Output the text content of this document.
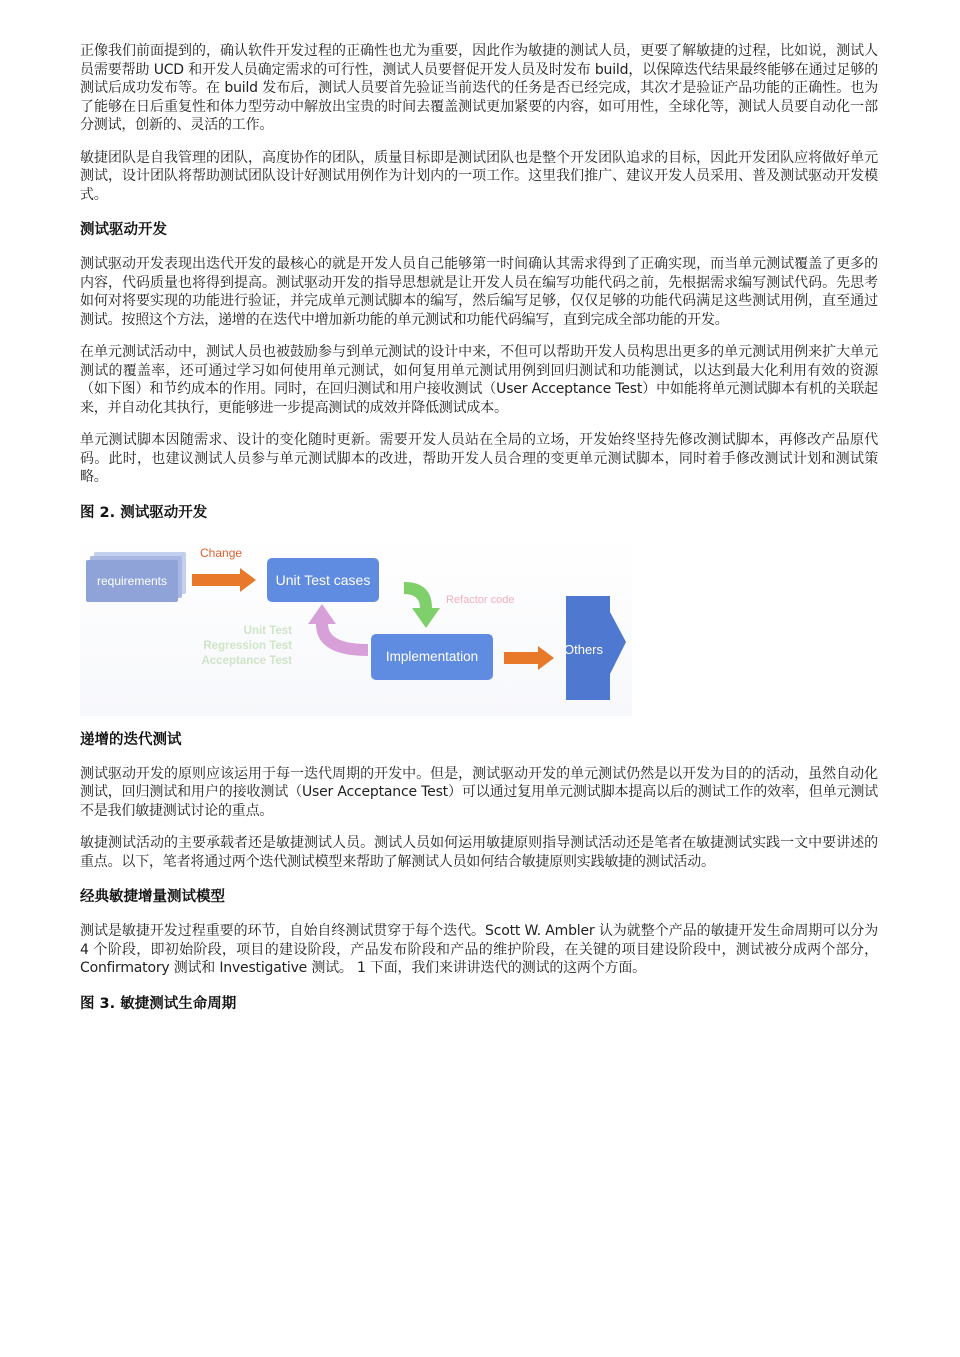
正像我们前面提到的，确认软件开发过程的正确性也尤为重要，因此作为敏捷的测试人员，更要了解敏捷的过程，比如说，测试人员需要帮助 UCD 和开发人员确定需求的可行性，测试人员要督促开发人员及时发布 build，以保障迭代结果最终能够在通过足够的测试后成功发布等。在 build 发布后，测试人员要首先验证当前迭代的任务是否已经完成，其次才是验证产品功能的正确性。也为了能够在日后重复性和体力型劳动中解放出宝贵的时间去覆盖测试更加紧要的内容，如可用性，全球化等，测试人员要自动化一部分测试，创新的、灵活的工作。

敏捷团队是自我管理的团队，高度协作的团队，质量目标即是测试团队也是整个开发团队追求的目标，因此开发团队应将做好单元测试，设计团队将帮助测试团队设计好测试用例作为计划内的一项工作。这里我们推广、建议开发人员采用、普及测试驱动开发模式。

测试驱动开发

测试驱动开发表现出迭代开发的最核心的就是开发人员自己能够第一时间确认其需求得到了正确实现，而当单元测试覆盖了更多的内容，代码质量也将得到提高。测试驱动开发的指导思想就是让开发人员在编写功能代码之前，先根据需求编写测试代码。先思考如何对将要实现的功能进行验证，并完成单元测试脚本的编写，然后编写足够，仅仅足够的功能代码满足这些测试用例，直至通过测试。按照这个方法，递增的在迭代中增加新功能的单元测试和功能代码编写，直到完成全部功能的开发。

在单元测试活动中，测试人员也被鼓励参与到单元测试的设计中来，不但可以帮助开发人员构思出更多的单元测试用例来扩大单元测试的覆盖率，还可通过学习如何使用单元测试，如何复用单元测试用例到回归测试和功能测试，以达到最大化利用有效的资源（如下图）和节约成本的作用。同时，在回归测试和用户接收测试（User Acceptance Test）中如能将单元测试脚本有机的关联起来，并自动化其执行，更能够进一步提高测试的成效并降低测试成本。

单元测试脚本因随需求、设计的变化随时更新。需要开发人员站在全局的立场，开发始终坚持先修改测试脚本，再修改产品原代码。此时，也建议测试人员参与单元测试脚本的改进，帮助开发人员合理的变更单元测试脚本，同时着手修改测试计划和测试策略。

图 2. 测试驱动开发
requirements
Change
Unit Test cases
Refactor code
Unit Test
Regression Test
Acceptance Test	Implementation	Others
递增的迭代测试

测试驱动开发的原则应该运用于每一迭代周期的开发中。但是，测试驱动开发的单元测试仍然是以开发为目的的活动，虽然自动化测试，回归测试和用户的接收测试（User Acceptance Test）可以通过复用单元测试脚本提高以后的测试工作的效率，但单元测试不是我们敏捷测试讨论的重点。

敏捷测试活动的主要承载者还是敏捷测试人员。测试人员如何运用敏捷原则指导测试活动还是笔者在敏捷测试实践一文中要讲述的重点。以下，笔者将通过两个迭代测试模型来帮助了解测试人员如何结合敏捷原则实践敏捷的测试活动。

经典敏捷增量测试模型

测试是敏捷开发过程重要的环节，自始自终测试贯穿于每个迭代。Scott W. Ambler 认为就整个产品的敏捷开发生命周期可以分为 4 个阶段，即初始阶段，项目的建设阶段，产品发布阶段和产品的维护阶段，在关键的项目建设阶段中，测试被分成两个部分，Confirmatory 测试和 Investigative 测试。 1 下面，我们来讲讲迭代的测试的这两个方面。

图 3. 敏捷测试生命周期
